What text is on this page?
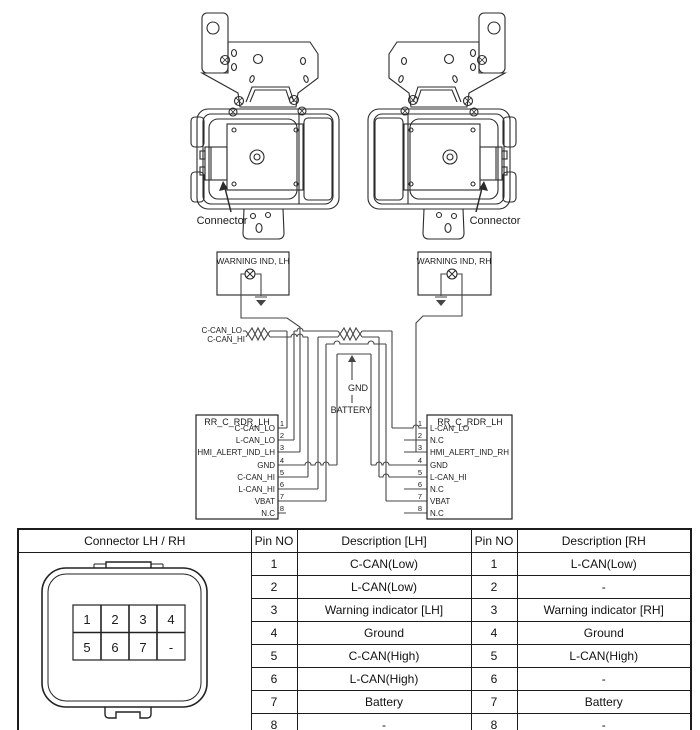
Connector	Connector
WARNING IND, LH	WARNING IND, RH
C-CAN_LO
C-CAN_HI
GND
BATTERY
RR_C_RDR_LH
C-CAN_LO
L-CAN_LO
HMI_ALERT_IND_LH
GND
C-CAN_HI
L-CAN_HI
VBAT
N.C
1
2
3
4
5
6
7
8
RR_C_RDR_LH
L-CAN_LO
N.C
HMI_ALERT_IND_RH
GND
L-CAN_HI
N.C
VBAT
N.C
1
2
3
4
5
6
7
8
Connector LH / RH	Pin NO	Description [LH]	Pin NO	Description [RH

1 2 3 4
5 6 7 -
	1	C-CAN(Low)	1	L-CAN(Low)
	2	L-CAN(Low)	2	-
	3	Warning indicator [LH]	3	Warning indicator [RH]
	4	Ground	4	Ground
	5	C-CAN(High)	5	L-CAN(High)
	6	L-CAN(High)	6	-
	7	Battery	7	Battery
	8	-	8	-
